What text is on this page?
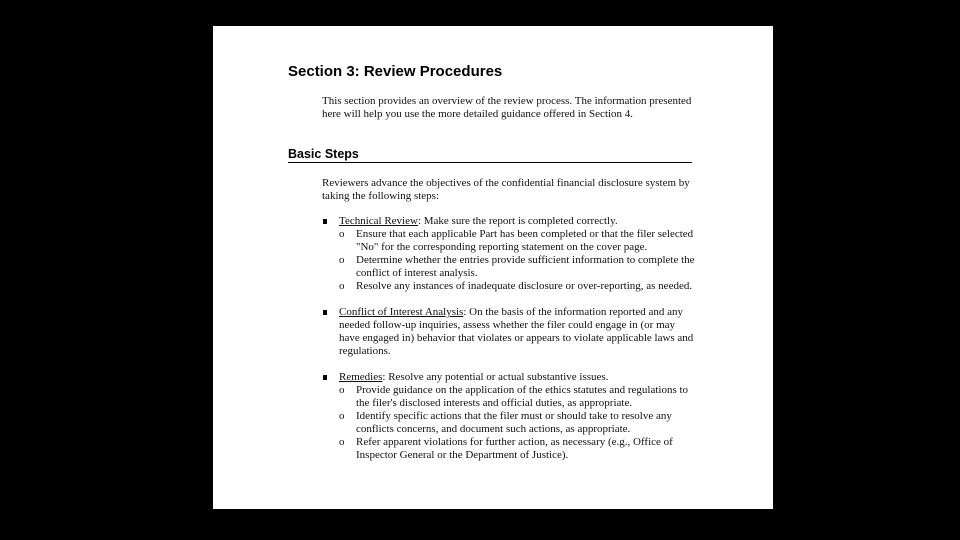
Section 3: Review Procedures

This section provides an overview of the review process. The information presented here will help you use the more detailed guidance offered in Section 4.

Basic Steps

Reviewers advance the objectives of the confidential financial disclosure system by taking the following steps:

Technical Review: Make sure the report is completed correctly.
o Ensure that each applicable Part has been completed or that the filer selected "No" for the corresponding reporting statement on the cover page.
o Determine whether the entries provide sufficient information to complete the conflict of interest analysis.
o Resolve any instances of inadequate disclosure or over-reporting, as needed.
Conflict of Interest Analysis: On the basis of the information reported and any needed follow-up inquiries, assess whether the filer could engage in (or may have engaged in) behavior that violates or appears to violate applicable laws and regulations.
Remedies: Resolve any potential or actual substantive issues.
o Provide guidance on the application of the ethics statutes and regulations to the filer's disclosed interests and official duties, as appropriate.
o Identify specific actions that the filer must or should take to resolve any conflicts concerns, and document such actions, as appropriate.
o Refer apparent violations for further action, as necessary (e.g., Office of Inspector General or the Department of Justice).
